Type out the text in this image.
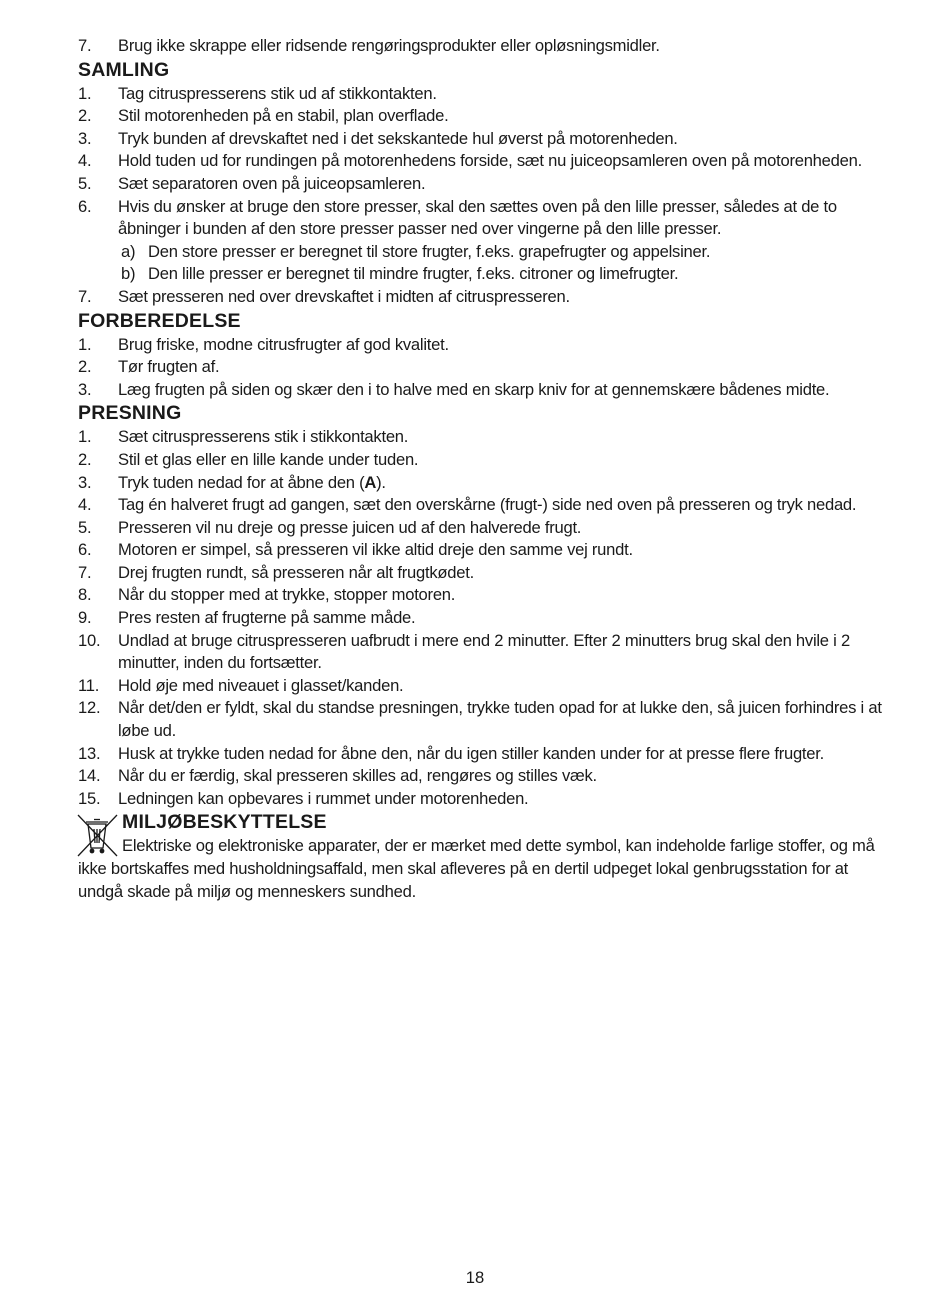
7. Brug ikke skrappe eller ridsende rengøringsprodukter eller opløsningsmidler.
SAMLING
1. Tag citruspresserens stik ud af stikkontakten.
2. Stil motorenheden på en stabil, plan overflade.
3. Tryk bunden af drevskaftet ned i det sekskantede hul øverst på motorenheden.
4. Hold tuden ud for rundingen på motorenhedens forside, sæt nu juiceopsamleren oven på motorenheden.
5. Sæt separatoren oven på juiceopsamleren.
6. Hvis du ønsker at bruge den store presser, skal den sættes oven på den lille presser, således at de to åbninger i bunden af den store presser passer ned over vingerne på den lille presser.
a) Den store presser er beregnet til store frugter, f.eks. grapefrugter og appelsiner.
b) Den lille presser er beregnet til mindre frugter, f.eks. citroner og limefrugter.
7. Sæt presseren ned over drevskaftet i midten af citruspresseren.
FORBEREDELSE
1. Brug friske, modne citrusfrugter af god kvalitet.
2. Tør frugten af.
3. Læg frugten på siden og skær den i to halve med en skarp kniv for at gennemskære bådenes midte.
PRESNING
1. Sæt citruspresserens stik i stikkontakten.
2. Stil et glas eller en lille kande under tuden.
3. Tryk tuden nedad for at åbne den (A).
4. Tag én halveret frugt ad gangen, sæt den overskårne (frugt-) side ned oven på presseren og tryk nedad.
5. Presseren vil nu dreje og presse juicen ud af den halverede frugt.
6. Motoren er simpel, så presseren vil ikke altid dreje den samme vej rundt.
7. Drej frugten rundt, så presseren når alt frugtkødet.
8. Når du stopper med at trykke, stopper motoren.
9. Pres resten af frugterne på samme måde.
10. Undlad at bruge citruspresseren uafbrudt i mere end 2 minutter. Efter 2 minutters brug skal den hvile i 2 minutter, inden du fortsætter.
11. Hold øje med niveauet i glasset/kanden.
12. Når det/den er fyldt, skal du standse presningen, trykke tuden opad for at lukke den, så juicen forhindres i at løbe ud.
13. Husk at trykke tuden nedad for åbne den, når du igen stiller kanden under for at presse flere frugter.
14. Når du er færdig, skal presseren skilles ad, rengøres og stilles væk.
15. Ledningen kan opbevares i rummet under motorenheden.
MILJØBESKYTTELSE
Elektriske og elektroniske apparater, der er mærket med dette symbol, kan indeholde farlige stoffer, og må ikke bortskaffes med husholdningsaffald, men skal afleveres på en dertil udpeget lokal genbrugsstation for at undgå skade på miljø og menneskers sundhed.
18
